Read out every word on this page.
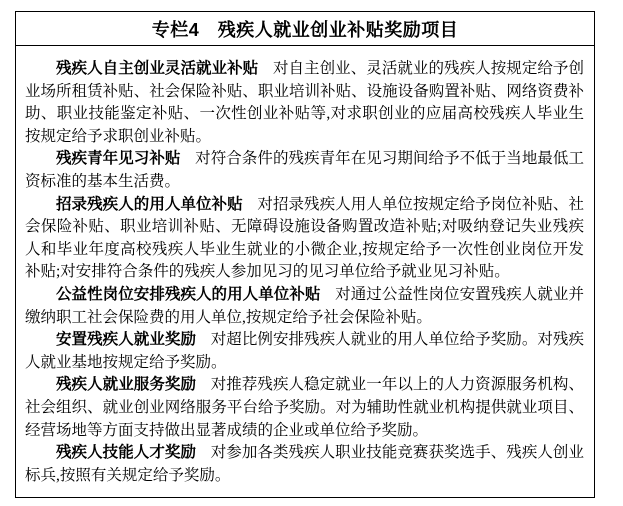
专栏4　残疾人就业创业补贴奖励项目

残疾人自主创业灵活就业补贴 对自主创业、灵活就业的残疾人按规定给予创业场所租赁补贴、社会保险补贴、职业培训补贴、设施设备购置补贴、网络资费补助、职业技能鉴定补贴、一次性创业补贴等,对求职创业的应届高校残疾人毕业生按规定给予求职创业补贴。

残疾青年见习补贴 对符合条件的残疾青年在见习期间给予不低于当地最低工资标准的基本生活费。

招录残疾人的用人单位补贴 对招录残疾人用人单位按规定给予岗位补贴、社会保险补贴、职业培训补贴、无障碍设施设备购置改造补贴;对吸纳登记失业残疾人和毕业年度高校残疾人毕业生就业的小微企业,按规定给予一次性创业岗位开发补贴;对安排符合条件的残疾人参加见习的见习单位给予就业见习补贴。

公益性岗位安排残疾人的用人单位补贴 对通过公益性岗位安置残疾人就业并缴纳职工社会保险费的用人单位,按规定给予社会保险补贴。

安置残疾人就业奖励 对超比例安排残疾人就业的用人单位给予奖励。对残疾人就业基地按规定给予奖励。

残疾人就业服务奖励 对推荐残疾人稳定就业一年以上的人力资源服务机构、社会组织、就业创业网络服务平台给予奖励。对为辅助性就业机构提供就业项目、经营场地等方面支持做出显著成绩的企业或单位给予奖励。

残疾人技能人才奖励 对参加各类残疾人职业技能竞赛获奖选手、残疾人创业标兵,按照有关规定给予奖励。
